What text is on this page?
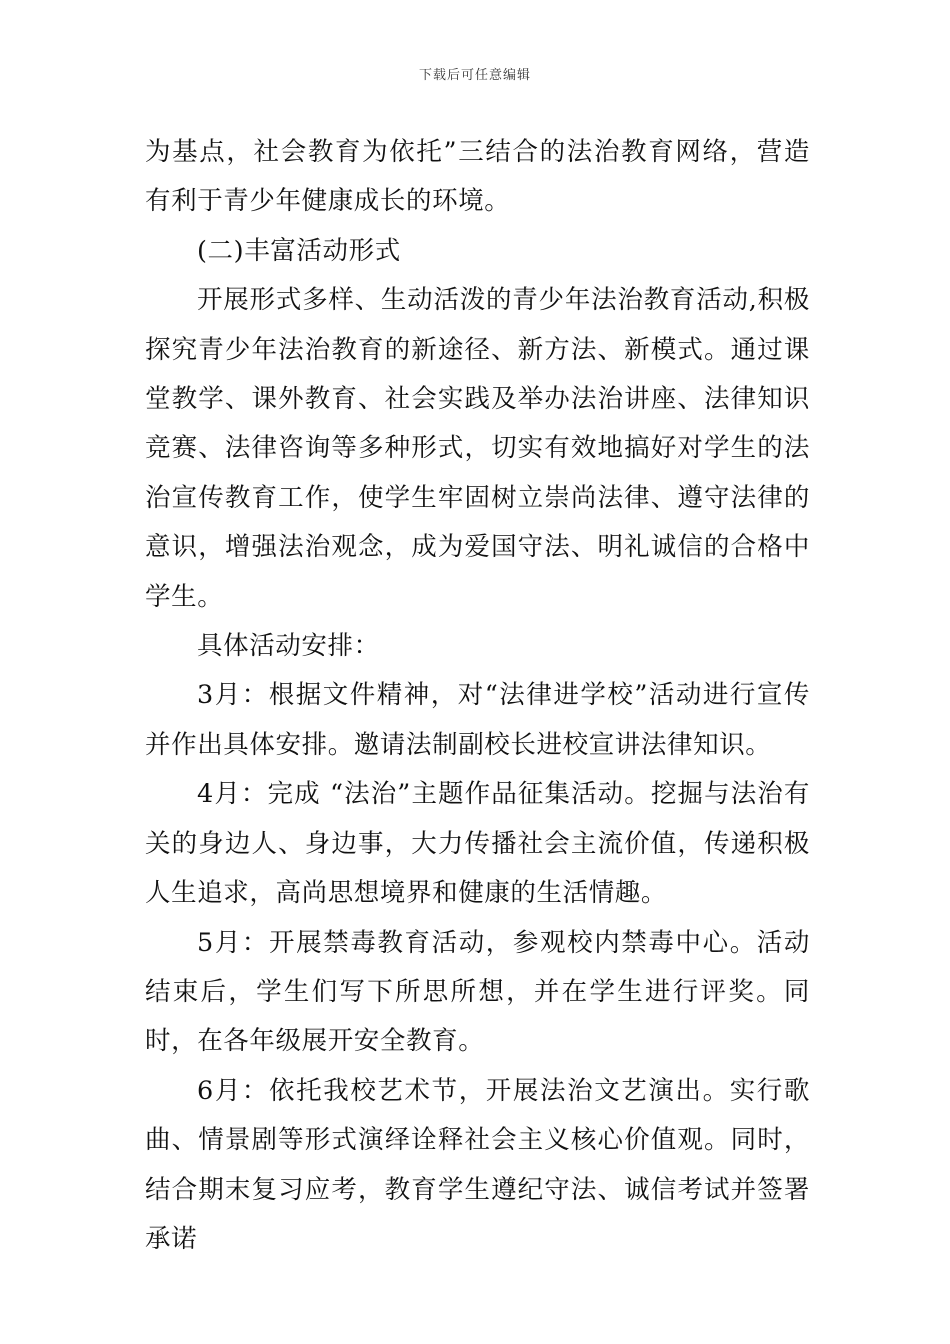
下载后可任意编辑

为基点，社会教育为依托”三结合的法治教育网络，营造有利于青少年健康成长的环境。

(二)丰富活动形式

开展形式多样、生动活泼的青少年法治教育活动,积极探究青少年法治教育的新途径、新方法、新模式。通过课堂教学、课外教育、社会实践及举办法治讲座、法律知识竞赛、法律咨询等多种形式，切实有效地搞好对学生的法治宣传教育工作，使学生牢固树立崇尚法律、遵守法律的意识，增强法治观念，成为爱国守法、明礼诚信的合格中学生。

具体活动安排：

3月：根据文件精神，对“法律进学校”活动进行宣传并作出具体安排。邀请法制副校长进校宣讲法律知识。

4月：完成 “法治”主题作品征集活动。挖掘与法治有关的身边人、身边事，大力传播社会主流价值，传递积极人生追求，高尚思想境界和健康的生活情趣。

5月：开展禁毒教育活动，参观校内禁毒中心。活动结束后，学生们写下所思所想，并在学生进行评奖。同时，在各年级展开安全教育。

6月：依托我校艺术节，开展法治文艺演出。实行歌曲、情景剧等形式演绎诠释社会主义核心价值观。同时，结合期末复习应考，教育学生遵纪守法、诚信考试并签署承诺
